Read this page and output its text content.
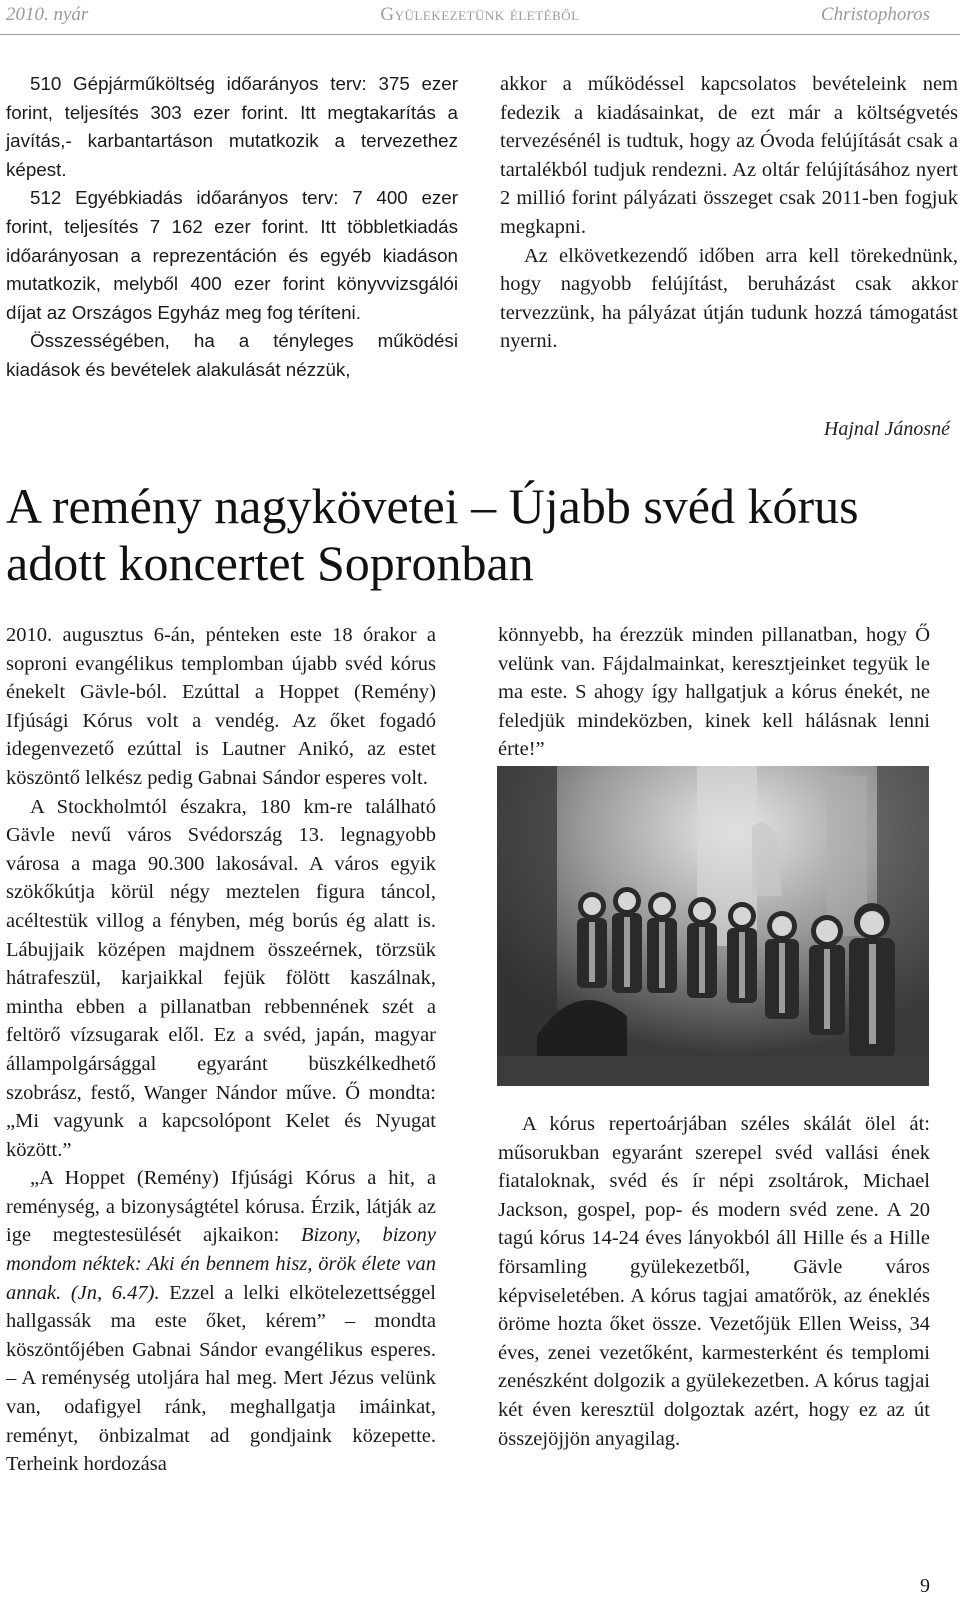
2010. nyár	Gyülekezetünk életéből	Christophoros

510 Gépjárműköltség időarányos terv: 375 ezer forint, teljesítés 303 ezer forint. Itt megtakarítás a javítás,- karbantartáson mutatkozik a tervezethez képest.

512 Egyébkiadás időarányos terv: 7 400 ezer forint, teljesítés 7 162 ezer forint. Itt többletkiadás időarányosan a reprezentáción és egyéb kiadáson mutatkozik, melyből 400 ezer forint könyvvizsgálói díjat az Országos Egyház meg fog téríteni.

Összességében, ha a tényleges működési kiadások és bevételek alakulását nézzük,

akkor a működéssel kapcsolatos bevételeink nem fedezik a kiadásainkat, de ezt már a költségvetés tervezésénél is tudtuk, hogy az Óvoda felújítását csak a tartalékból tudjuk rendezni. Az oltár felújításához nyert 2 millió forint pályázati összeget csak 2011-ben fogjuk megkapni.

Az elkövetkezendő időben arra kell törekednünk, hogy nagyobb felújítást, beruházást csak akkor tervezzünk, ha pályázat útján tudunk hozzá támogatást nyerni.

Hajnal Jánosné
A remény nagykövetei – Újabb svéd kórus adott koncertet Sopronban

2010. augusztus 6-án, pénteken este 18 órakor a soproni evangélikus templomban újabb svéd kórus énekelt Gävle-ból. Ezúttal a Hoppet (Remény) Ifjúsági Kórus volt a vendég. Az őket fogadó idegenvezető ezúttal is Lautner Anikó, az estet köszöntő lelkész pedig Gabnai Sándor esperes volt.

A Stockholmtól északra, 180 km-re található Gävle nevű város Svédország 13. legnagyobb városa a maga 90.300 lakosával. A város egyik szökőkútja körül négy meztelen figura táncol, acéltestük villog a fényben, még borús ég alatt is. Lábujjaik középen majdnem összeérnek, törzsük hátrafeszül, karjaikkal fejük fölött kaszálnak, mintha ebben a pillanatban rebbennének szét a feltörő vízsugarak elől. Ez a svéd, japán, magyar állampolgársággal egyaránt büszkélkedhető szobrász, festő, Wanger Nándor műve. Ő mondta: „Mi vagyunk a kapcsolópont Kelet és Nyugat között.”

„A Hoppet (Remény) Ifjúsági Kórus a hit, a reménység, a bizonyságtétel kórusa. Érzik, látják az ige megtestesülését ajkaikon: Bizony, bizony mondom néktek: Aki én bennem hisz, örök élete van annak. (Jn, 6.47). Ezzel a lelki elkötelezettséggel hallgassák ma este őket, kérem” – mondta köszöntőjében Gabnai Sándor evangélikus esperes. – A reménység utoljára hal meg. Mert Jézus velünk van, odafigyel ránk, meghallgatja imáinkat, reményt, önbizalmat ad gondjaink közepette. Terheink hordozása

könnyebb, ha érezzük minden pillanatban, hogy Ő velünk van. Fájdalmainkat, keresztjeinket tegyük le ma este. S ahogy így hallgatjuk a kórus énekét, ne feledjük mindeközben, kinek kell hálásnak lenni érte!”

A kórus repertoárjában széles skálát ölel át: műsorukban egyaránt szerepel svéd vallási ének fiataloknak, svéd és ír népi zsoltárok, Michael Jackson, gospel, pop- és modern svéd zene. A 20 tagú kórus 14-24 éves lányokból áll Hille és a Hille församling gyülekezetből, Gävle város képviseletében. A kórus tagjai amatőrök, az éneklés öröme hozta őket össze. Vezetőjük Ellen Weiss, 34 éves, zenei vezetőként, karmesterként és templomi zenészként dolgozik a gyülekezetben. A kórus tagjai két éven keresztül dolgoztak azért, hogy ez az út összejöjjön anyagilag.

9
